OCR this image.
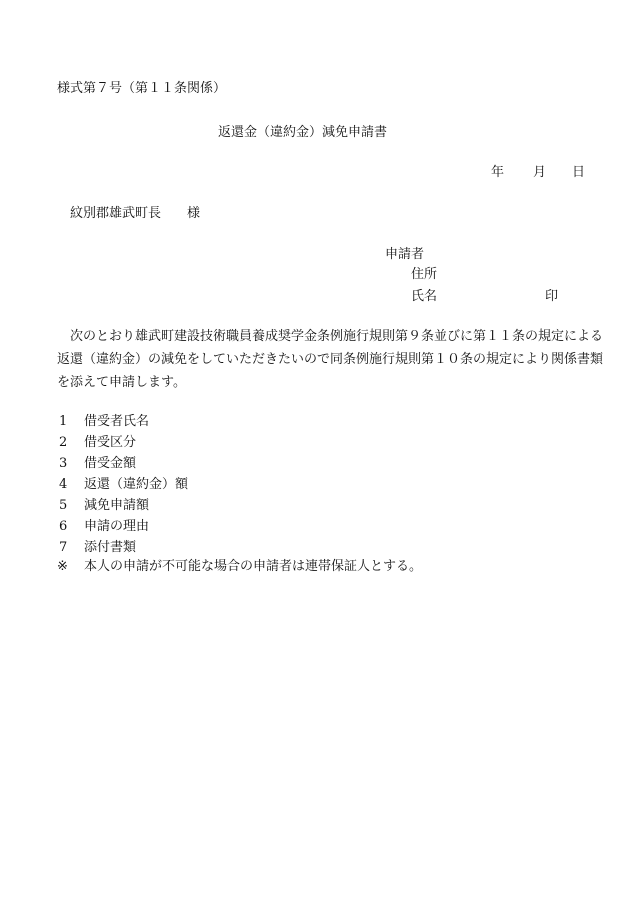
様式第７号（第１１条関係）
返還金（違約金）減免申請書
年 月 日
紋別郡雄武町長　　様
申請者
住所
氏名	印
次のとおり雄武町建設技術職員養成奨学金条例施行規則第９条並びに第１１条の規定による返還（違約金）の減免をしていただきたいので同条例施行規則第１０条の規定により関係書類を添えて申請します。
1 借受者氏名
2 借受区分
3 借受金額
4 返還（違約金）額
5 減免申請額
6 申請の理由
7 添付書類
※ 本人の申請が不可能な場合の申請者は連帯保証人とする。
